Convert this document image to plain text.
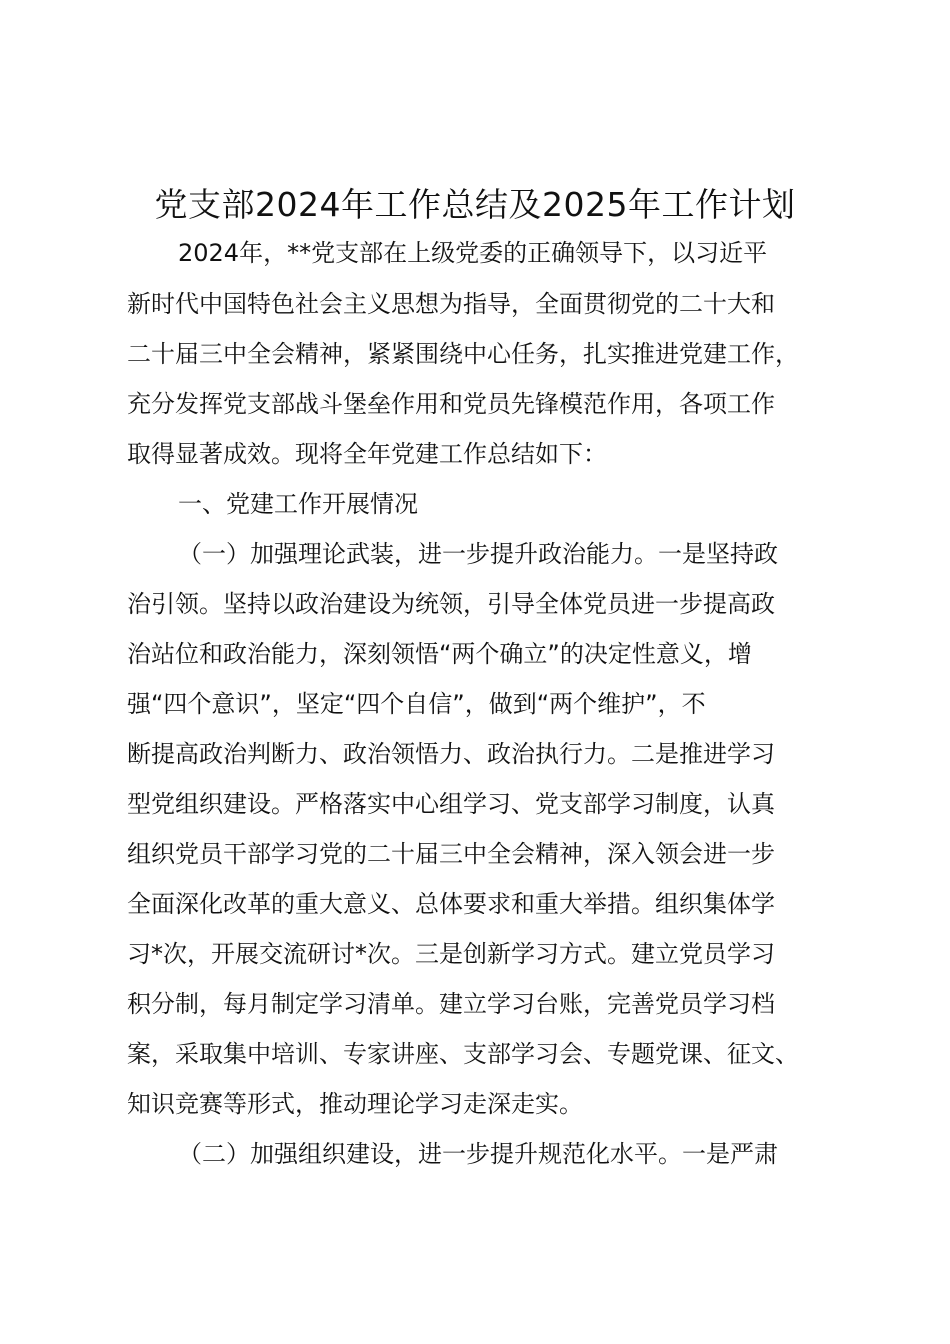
党支部2024年工作总结及2025年工作计划

2024年，**党支部在上级党委的正确领导下，以习近平

新时代中国特色社会主义思想为指导，全面贯彻党的二十大和

二十届三中全会精神，紧紧围绕中心任务，扎实推进党建工作，

充分发挥党支部战斗堡垒作用和党员先锋模范作用，各项工作

取得显著成效。现将全年党建工作总结如下：

一、党建工作开展情况

（一）加强理论武装，进一步提升政治能力。一是坚持政

治引领。坚持以政治建设为统领，引导全体党员进一步提高政

治站位和政治能力，深刻领悟“两个确立”的决定性意义，增

强“四个意识”，坚定“四个自信”，做到“两个维护”，不

断提高政治判断力、政治领悟力、政治执行力。二是推进学习

型党组织建设。严格落实中心组学习、党支部学习制度，认真

组织党员干部学习党的二十届三中全会精神，深入领会进一步

全面深化改革的重大意义、总体要求和重大举措。组织集体学

习*次，开展交流研讨*次。三是创新学习方式。建立党员学习

积分制，每月制定学习清单。建立学习台账，完善党员学习档

案，采取集中培训、专家讲座、支部学习会、专题党课、征文、

知识竞赛等形式，推动理论学习走深走实。

（二）加强组织建设，进一步提升规范化水平。一是严肃
